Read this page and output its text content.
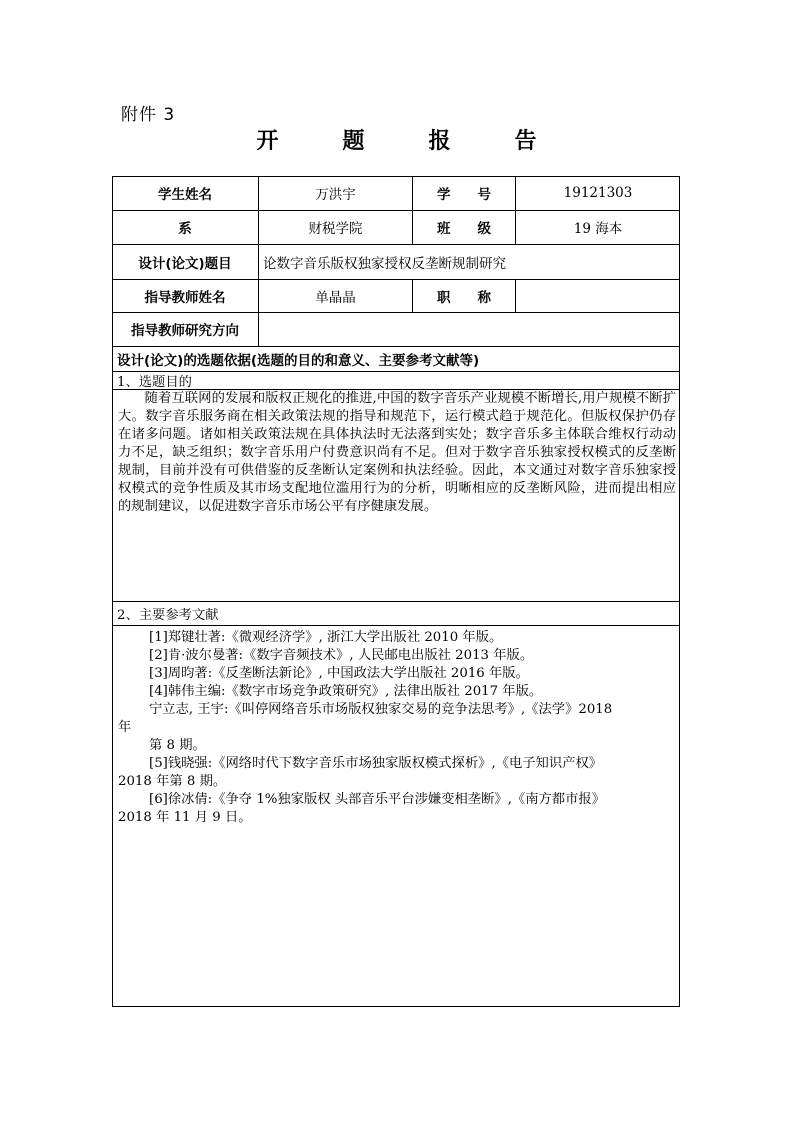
附件 3
开	题	报	告
学生姓名	万洪宇	学　　号	19121303
系	财税学院	班　　级	19 海本
设计(论文)题目	论数字音乐版权独家授权反垄断规制研究
指导教师姓名	单晶晶	职　　称
指导教师研究方向
设计(论文)的选题依据(选题的目的和意义、主要参考文献等)
1、选题目的

随着互联网的发展和版权正规化的推进,中国的数字音乐产业规模不断增长,用户规模不断扩大。数字音乐服务商在相关政策法规的指导和规范下，运行模式趋于规范化。但版权保护仍存在诸多问题。诸如相关政策法规在具体执法时无法落到实处；数字音乐多主体联合维权行动动力不足，缺乏组织；数字音乐用户付费意识尚有不足。但对于数字音乐独家授权模式的反垄断规制，目前并没有可供借鉴的反垄断认定案例和执法经验。因此，本文通过对数字音乐独家授权模式的竞争性质及其市场支配地位滥用行为的分析，明晰相应的反垄断风险，进而提出相应的规制建议，以促进数字音乐市场公平有序健康发展。

2、主要参考文献
[1]郑键壮著:《微观经济学》, 浙江大学出版社 2010 年版。
[2]肯·波尔曼著:《数字音频技术》, 人民邮电出版社 2013 年版。
[3]周昀著:《反垄断法新论》, 中国政法大学出版社 2016 年版。
[4]韩伟主编:《数字市场竞争政策研究》, 法律出版社 2017 年版。
宁立志, 王宇:《叫停网络音乐市场版权独家交易的竞争法思考》,《法学》2018
年
第 8 期。
[5]钱晓强:《网络时代下数字音乐市场独家版权模式探析》,《电子知识产权》
2018 年第 8 期。
[6]徐冰倩:《争夺 1%独家版权 头部音乐平台涉嫌变相垄断》,《南方都市报》
2018 年 11 月 9 日。
